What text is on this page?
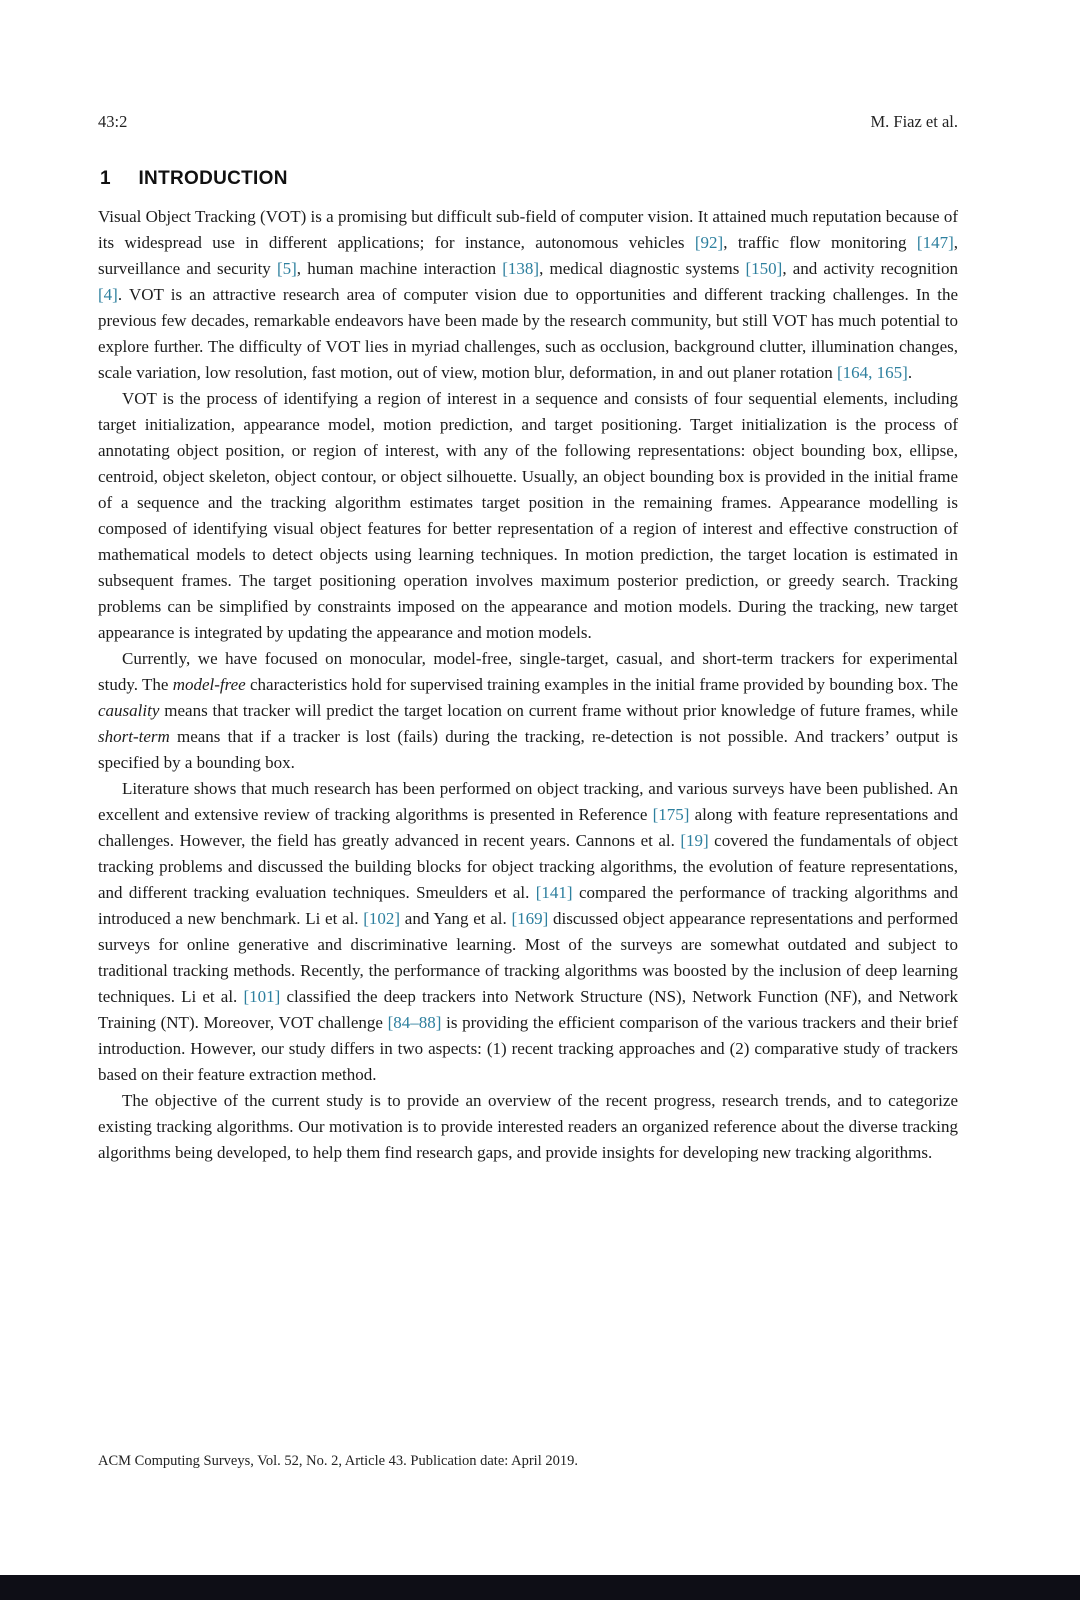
43:2	M. Fiaz et al.
1 INTRODUCTION

Visual Object Tracking (VOT) is a promising but difficult sub-field of computer vision. It attained much reputation because of its widespread use in different applications; for instance, autonomous vehicles [92], traffic flow monitoring [147], surveillance and security [5], human machine interaction [138], medical diagnostic systems [150], and activity recognition [4]. VOT is an attractive research area of computer vision due to opportunities and different tracking challenges. In the previous few decades, remarkable endeavors have been made by the research community, but still VOT has much potential to explore further. The difficulty of VOT lies in myriad challenges, such as occlusion, background clutter, illumination changes, scale variation, low resolution, fast motion, out of view, motion blur, deformation, in and out planer rotation [164, 165].

VOT is the process of identifying a region of interest in a sequence and consists of four sequential elements, including target initialization, appearance model, motion prediction, and target positioning. Target initialization is the process of annotating object position, or region of interest, with any of the following representations: object bounding box, ellipse, centroid, object skeleton, object contour, or object silhouette. Usually, an object bounding box is provided in the initial frame of a sequence and the tracking algorithm estimates target position in the remaining frames. Appearance modelling is composed of identifying visual object features for better representation of a region of interest and effective construction of mathematical models to detect objects using learning techniques. In motion prediction, the target location is estimated in subsequent frames. The target positioning operation involves maximum posterior prediction, or greedy search. Tracking problems can be simplified by constraints imposed on the appearance and motion models. During the tracking, new target appearance is integrated by updating the appearance and motion models.

Currently, we have focused on monocular, model-free, single-target, casual, and short-term trackers for experimental study. The model-free characteristics hold for supervised training examples in the initial frame provided by bounding box. The causality means that tracker will predict the target location on current frame without prior knowledge of future frames, while short-term means that if a tracker is lost (fails) during the tracking, re-detection is not possible. And trackers’ output is specified by a bounding box.

Literature shows that much research has been performed on object tracking, and various surveys have been published. An excellent and extensive review of tracking algorithms is presented in Reference [175] along with feature representations and challenges. However, the field has greatly advanced in recent years. Cannons et al. [19] covered the fundamentals of object tracking problems and discussed the building blocks for object tracking algorithms, the evolution of feature representations, and different tracking evaluation techniques. Smeulders et al. [141] compared the performance of tracking algorithms and introduced a new benchmark. Li et al. [102] and Yang et al. [169] discussed object appearance representations and performed surveys for online generative and discriminative learning. Most of the surveys are somewhat outdated and subject to traditional tracking methods. Recently, the performance of tracking algorithms was boosted by the inclusion of deep learning techniques. Li et al. [101] classified the deep trackers into Network Structure (NS), Network Function (NF), and Network Training (NT). Moreover, VOT challenge [84–88] is providing the efficient comparison of the various trackers and their brief introduction. However, our study differs in two aspects: (1) recent tracking approaches and (2) comparative study of trackers based on their feature extraction method.

The objective of the current study is to provide an overview of the recent progress, research trends, and to categorize existing tracking algorithms. Our motivation is to provide interested readers an organized reference about the diverse tracking algorithms being developed, to help them find research gaps, and provide insights for developing new tracking algorithms.

ACM Computing Surveys, Vol. 52, No. 2, Article 43. Publication date: April 2019.
